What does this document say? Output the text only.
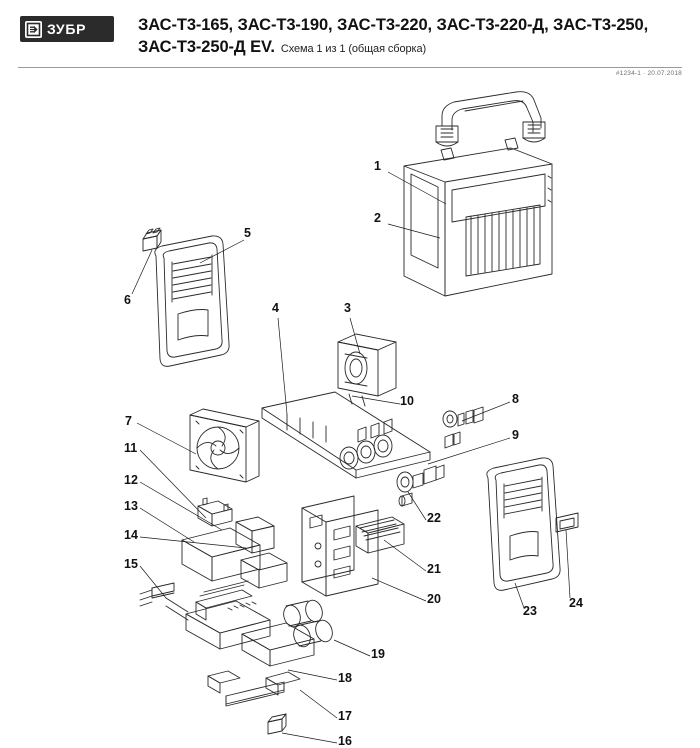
ЗУБР	ЗАС-Т3-165, ЗАС-Т3-190, ЗАС-Т3-220, ЗАС-Т3-220-Д, ЗАС-Т3-250,
ЗАС-Т3-250-Д EV. Схема 1 из 1 (общая сборка)
#1234-1 · 20.07.2018
1
2
3
4
5
6
7
8
9
10
11
12
13
14
15
16
17
18
19
20
21
22
23
24
